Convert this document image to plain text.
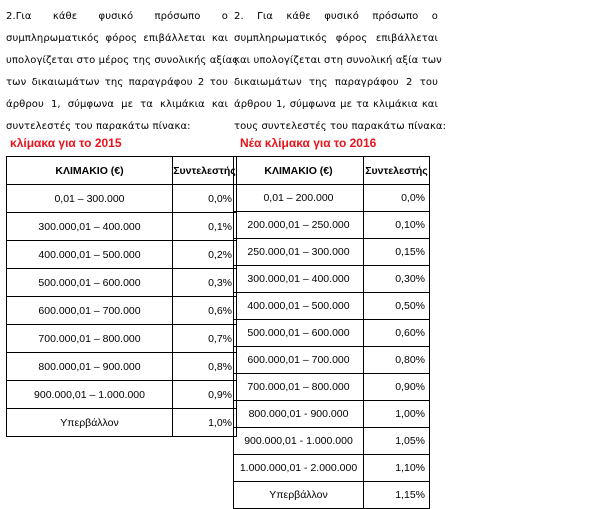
2.Για κάθε φυσικό πρόσωπο ο
συμπληρωματικός φόρος επιβάλλεται και
υπολογίζεται στο μέρος της συνολικής αξίας
των δικαιωμάτων της παραγράφου 2 του
άρθρου 1, σύμφωνα με τα κλιμάκια και
συντελεστές του παρακάτω πίνακα:
2. Για κάθε φυσικό πρόσωπο ο
συμπληρωματικός φόρος επιβάλλεται
και υπολογίζεται στη συνολική αξία των
δικαιωμάτων της παραγράφου 2 του
άρθρου 1, σύμφωνα με τα κλιμάκια και
τους συντελεστές του παρακάτω πίνακα:
κλίμακα για το 2015	Νέα κλίμακα για το 2016
ΚΛΙΜΑΚΙΟ (€)	Συντελεστής
0,01 – 300.000	0,0%
300.000,01 – 400.000	0,1%
400.000,01 – 500.000	0,2%
500.000,01 – 600.000	0,3%
600.000,01 – 700.000	0,6%
700.000,01 – 800.000	0,7%
800.000,01 – 900.000	0,8%
900.000,01 – 1.000.000	0,9%
Υπερβάλλον	1,0%
ΚΛΙΜΑΚΙΟ (€)	Συντελεστής
0,01 – 200.000	0,0%
200.000,01 – 250.000	0,10%
250.000,01 – 300.000	0,15%
300.000,01 – 400.000	0,30%
400.000,01 – 500.000	0,50%
500.000,01 – 600.000	0,60%
600.000,01 – 700.000	0,80%
700.000,01 – 800.000	0,90%
800.000,01 - 900.000	1,00%
900.000,01 - 1.000.000	1,05%
1.000.000,01 - 2.000.000	1,10%
Υπερβάλλον	1,15%
